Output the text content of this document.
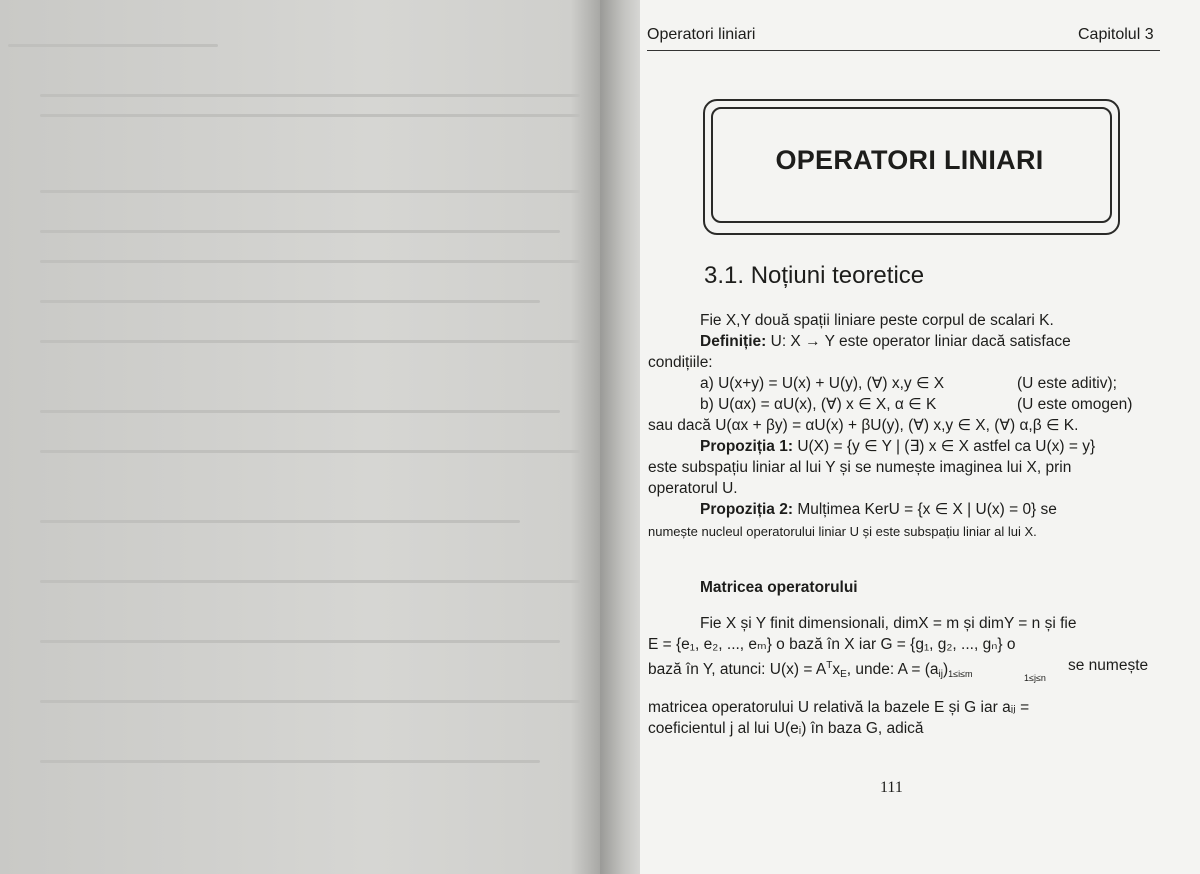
Operatori liniari	Capitolul 3
OPERATORI LINIARI
3.1. Noțiuni teoretice
Fie X,Y două spații liniare peste corpul de scalari K.
Definiție: U: X → Y este operator liniar dacă satisface
condițiile:
a) U(x+y) = U(x) + U(y), (∀) x,y ∈ X	(U este aditiv);
b) U(αx) = αU(x), (∀) x ∈ X, α ∈ K	(U este omogen)
sau dacă U(αx + βy) = αU(x) + βU(y), (∀) x,y ∈ X, (∀) α,β ∈ K.
Propoziția 1: U(X) = {y ∈ Y | (∃) x ∈ X astfel ca U(x) = y}
este subspațiu liniar al lui Y și se numește imaginea lui X, prin
operatorul U.
Propoziția 2: Mulțimea KerU = {x ∈ X | U(x) = 0} se
numește nucleul operatorului liniar U și este subspațiu liniar al lui X.
Matricea operatorului
Fie X și Y finit dimensionali, dimX = m și dimY = n și fie
E = {e₁, e₂, ..., eₘ} o bază în X iar G = {g₁, g₂, ..., gₙ} o
bază în Y, atunci: $U(x) = A^Tx_E$, unde: $A = (a_{ij})_{1\le i\le m}$	1≤j≤n
se numește
matricea operatorului U relativă la bazele E și G iar aᵢⱼ =
coeficientul j al lui U(eᵢ) în baza G, adică
111
